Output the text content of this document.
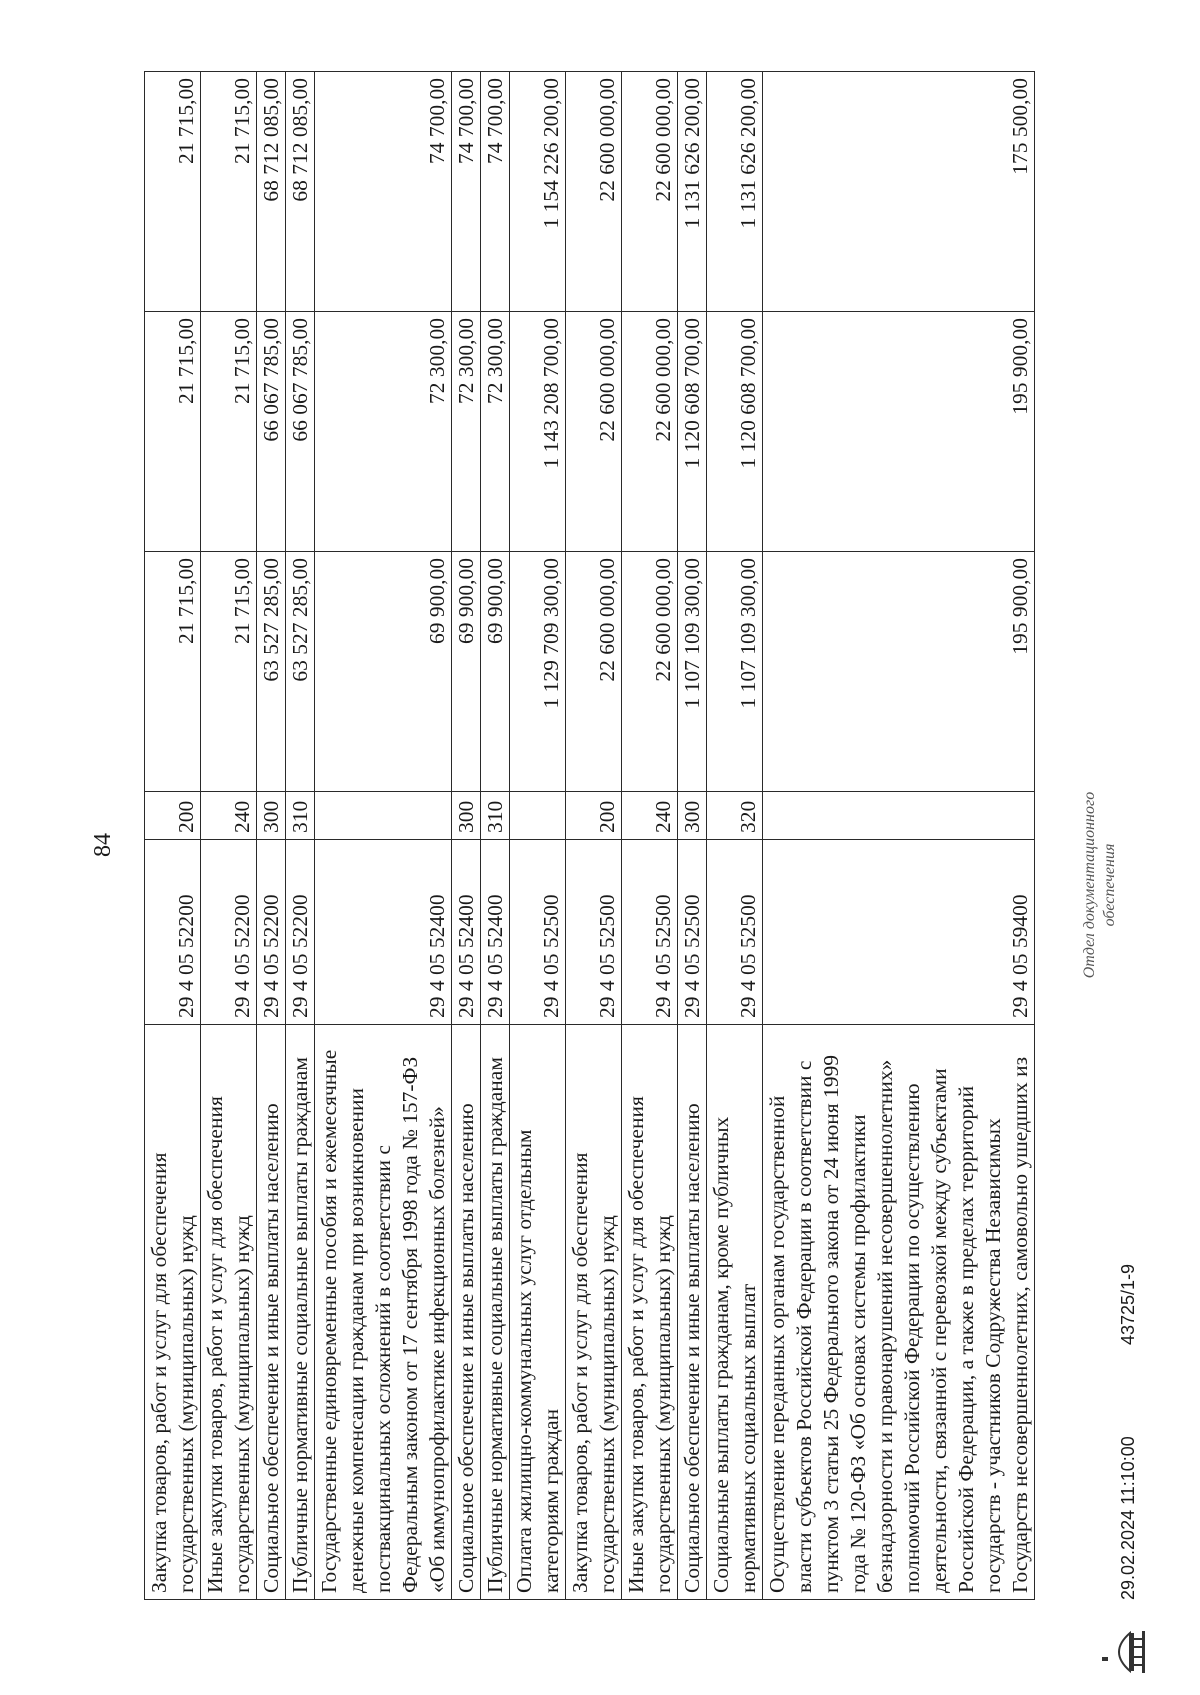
84
Закупка товаров, работ и услуг для обеспечения государственных (муниципальных) нужд	29 4 05 52200	200	21 715,00	21 715,00	21 715,00
Иные закупки товаров, работ и услуг для обеспечения государственных (муниципальных) нужд	29 4 05 52200	240	21 715,00	21 715,00	21 715,00
Социальное обеспечение и иные выплаты населению	29 4 05 52200	300	63 527 285,00	66 067 785,00	68 712 085,00
Публичные нормативные социальные выплаты гражданам	29 4 05 52200	310	63 527 285,00	66 067 785,00	68 712 085,00
Государственные единовременные пособия и ежемесячные денежные компенсации гражданам при возникновении поствакцинальных осложнений в соответствии с Федеральным законом от 17 сентября 1998 года № 157-ФЗ «Об иммунопрофилактике инфекционных болезней»	29 4 05 52400		69 900,00	72 300,00	74 700,00
Социальное обеспечение и иные выплаты населению	29 4 05 52400	300	69 900,00	72 300,00	74 700,00
Публичные нормативные социальные выплаты гражданам	29 4 05 52400	310	69 900,00	72 300,00	74 700,00
Оплата жилищно-коммунальных услуг отдельным категориям граждан	29 4 05 52500		1 129 709 300,00	1 143 208 700,00	1 154 226 200,00
Закупка товаров, работ и услуг для обеспечения государственных (муниципальных) нужд	29 4 05 52500	200	22 600 000,00	22 600 000,00	22 600 000,00
Иные закупки товаров, работ и услуг для обеспечения государственных (муниципальных) нужд	29 4 05 52500	240	22 600 000,00	22 600 000,00	22 600 000,00
Социальное обеспечение и иные выплаты населению	29 4 05 52500	300	1 107 109 300,00	1 120 608 700,00	1 131 626 200,00
Социальные выплаты гражданам, кроме публичных нормативных социальных выплат	29 4 05 52500	320	1 107 109 300,00	1 120 608 700,00	1 131 626 200,00
Осуществление переданных органам государственной власти субъектов Российской Федерации в соответствии с пунктом 3 статьи 25 Федерального закона от 24 июня 1999 года № 120-ФЗ «Об основах системы профилактики безнадзорности и правонарушений несовершеннолетних» полномочий Российской Федерации по осуществлению деятельности, связанной с перевозкой между субъектами Российской Федерации, а также в пределах территорий государств - участников Содружества Независимых Государств несовершеннолетних, самовольно ушедших из	29 4 05 59400		195 900,00	195 900,00	175 500,00
29.02.2024 11:10:00
43725/1-9
Отдел документационного обеспечения
